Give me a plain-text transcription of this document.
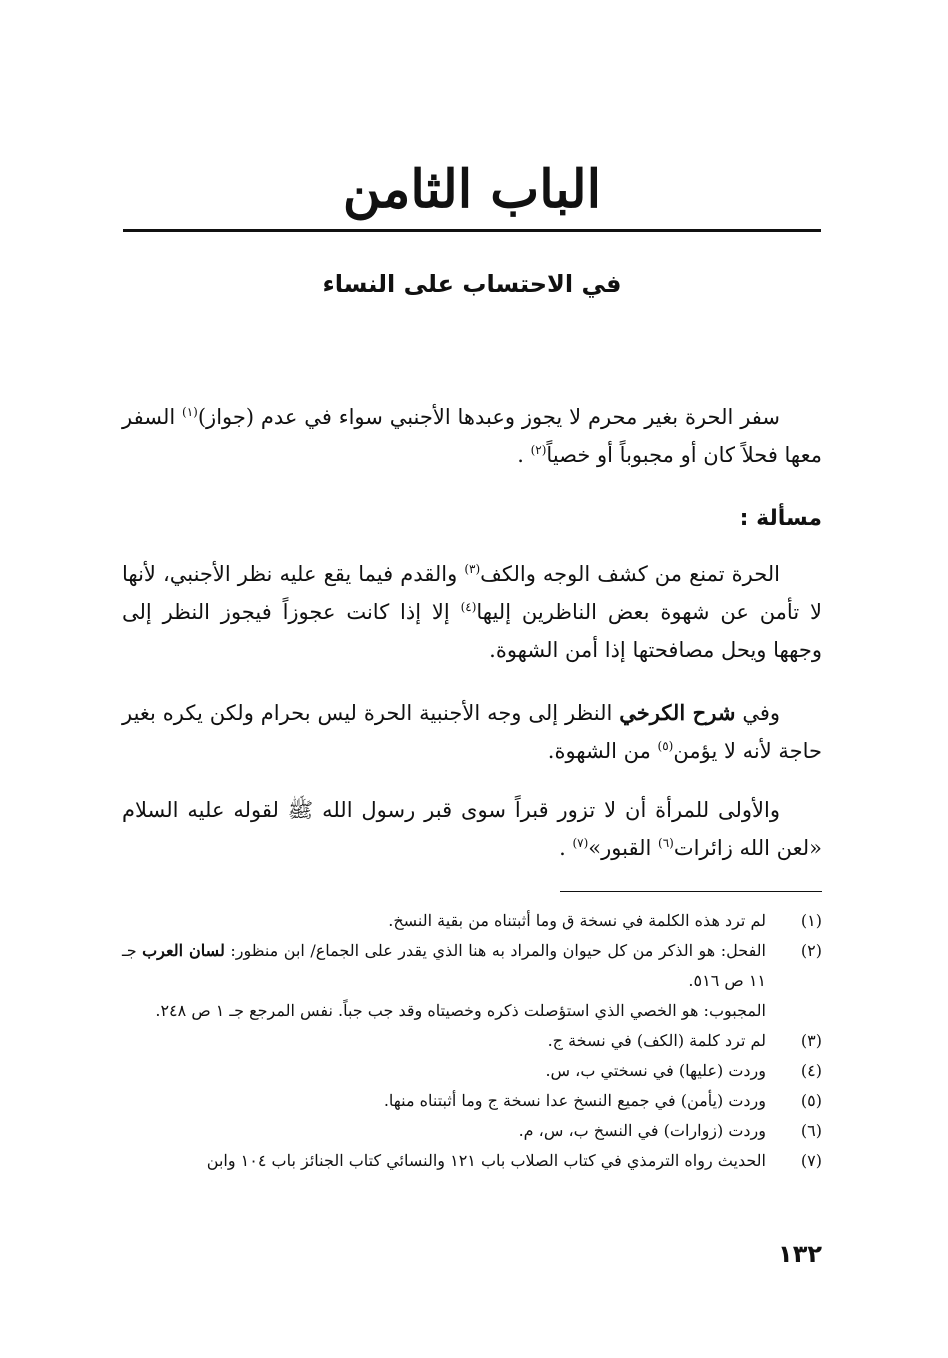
الباب الثامن
في الاحتساب على النساء

سفر الحرة بغير محرم لا يجوز وعبدها الأجنبي سواء في عدم (جواز)$^{(١)}$ السفر معها فحلاً كان أو مجبوباً أو خصياً$^{(٢)}$ .

مسألة :

الحرة تمنع من كشف الوجه والكف$^{(٣)}$ والقدم فيما يقع عليه نظر الأجنبي، لأنها لا تأمن عن شهوة بعض الناظرين إليها$^{(٤)}$ إلا إذا كانت عجوزاً فيجوز النظر إلى وجهها ويحل مصافحتها إذا أمن الشهوة.

وفي شرح الكرخي النظر إلى وجه الأجنبية الحرة ليس بحرام ولكن يكره بغير حاجة لأنه لا يؤمن$^{(٥)}$ من الشهوة.

والأولى للمرأة أن لا تزور قبراً سوى قبر رسول الله ﷺ لقوله عليه السلام «لعن الله زائرات$^{(٦)}$ القبور»$^{(٧)}$ .

(١)
لم ترد هذه الكلمة في نسخة ق وما أثبتناه من بقية النسخ.
(٢)
الفحل: هو الذكر من كل حيوان والمراد به هنا الذي يقدر على الجماع/ ابن منظور: لسان العرب جـ ١١ ص ٥١٦.
المجبوب: هو الخصي الذي استؤصلت ذكره وخصيتاه وقد جب جباً. نفس المرجع جـ ١ ص ٢٤٨.
(٣)
لم ترد كلمة (الكف) في نسخة ج.
(٤)
وردت (عليها) في نسختي ب، س.
(٥)
وردت (يأمن) في جميع النسخ عدا نسخة ج وما أثبتناه منها.
(٦)
وردت (زوارات) في النسخ ب، س، م.
(٧)
الحديث رواه الترمذي في كتاب الصلاب باب ١٢١ والنسائي كتاب الجنائز باب ١٠٤ وابن
١٣٢
